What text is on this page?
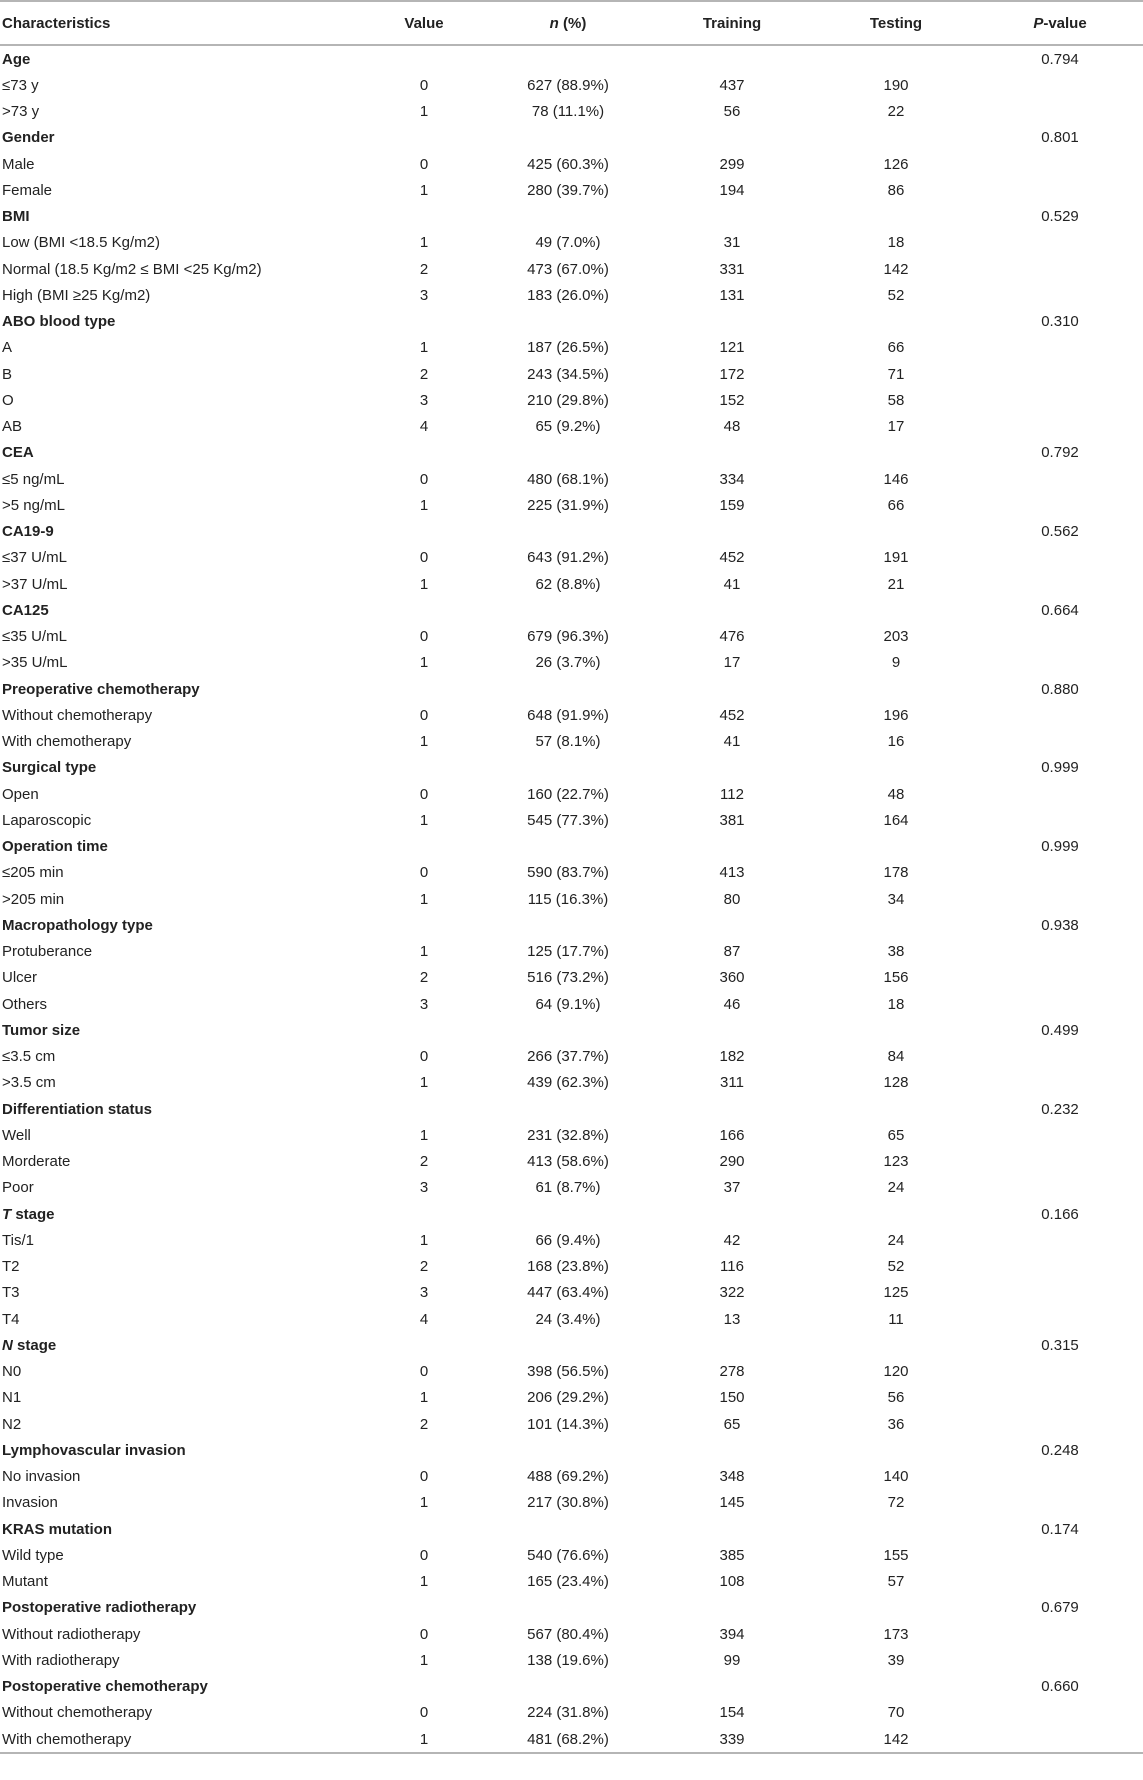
Characteristics	Value	n (%)	Training	Testing	P-value
Age					0.794
≤73 y	0	627 (88.9%)	437	190	
>73 y	1	78 (11.1%)	56	22	
Gender					0.801
Male	0	425 (60.3%)	299	126	
Female	1	280 (39.7%)	194	86	
BMI					0.529
Low (BMI <18.5 Kg/m2)	1	49 (7.0%)	31	18	
Normal (18.5 Kg/m2 ≤ BMI <25 Kg/m2)	2	473 (67.0%)	331	142	
High (BMI ≥25 Kg/m2)	3	183 (26.0%)	131	52	
ABO blood type					0.310
A	1	187 (26.5%)	121	66	
B	2	243 (34.5%)	172	71	
O	3	210 (29.8%)	152	58	
AB	4	65 (9.2%)	48	17	
CEA					0.792
≤5 ng/mL	0	480 (68.1%)	334	146	
>5 ng/mL	1	225 (31.9%)	159	66	
CA19-9					0.562
≤37 U/mL	0	643 (91.2%)	452	191	
>37 U/mL	1	62 (8.8%)	41	21	
CA125					0.664
≤35 U/mL	0	679 (96.3%)	476	203	
>35 U/mL	1	26 (3.7%)	17	9	
Preoperative chemotherapy					0.880
Without chemotherapy	0	648 (91.9%)	452	196	
With chemotherapy	1	57 (8.1%)	41	16	
Surgical type					0.999
Open	0	160 (22.7%)	112	48	
Laparoscopic	1	545 (77.3%)	381	164	
Operation time					0.999
≤205 min	0	590 (83.7%)	413	178	
>205 min	1	115 (16.3%)	80	34	
Macropathology type					0.938
Protuberance	1	125 (17.7%)	87	38	
Ulcer	2	516 (73.2%)	360	156	
Others	3	64 (9.1%)	46	18	
Tumor size					0.499
≤3.5 cm	0	266 (37.7%)	182	84	
>3.5 cm	1	439 (62.3%)	311	128	
Differentiation status					0.232
Well	1	231 (32.8%)	166	65	
Morderate	2	413 (58.6%)	290	123	
Poor	3	61 (8.7%)	37	24	
T stage					0.166
Tis/1	1	66 (9.4%)	42	24	
T2	2	168 (23.8%)	116	52	
T3	3	447 (63.4%)	322	125	
T4	4	24 (3.4%)	13	11	
N stage					0.315
N0	0	398 (56.5%)	278	120	
N1	1	206 (29.2%)	150	56	
N2	2	101 (14.3%)	65	36	
Lymphovascular invasion					0.248
No invasion	0	488 (69.2%)	348	140	
Invasion	1	217 (30.8%)	145	72	
KRAS mutation					0.174
Wild type	0	540 (76.6%)	385	155	
Mutant	1	165 (23.4%)	108	57	
Postoperative radiotherapy					0.679
Without radiotherapy	0	567 (80.4%)	394	173	
With radiotherapy	1	138 (19.6%)	99	39	
Postoperative chemotherapy					0.660
Without chemotherapy	0	224 (31.8%)	154	70	
With chemotherapy	1	481 (68.2%)	339	142	
